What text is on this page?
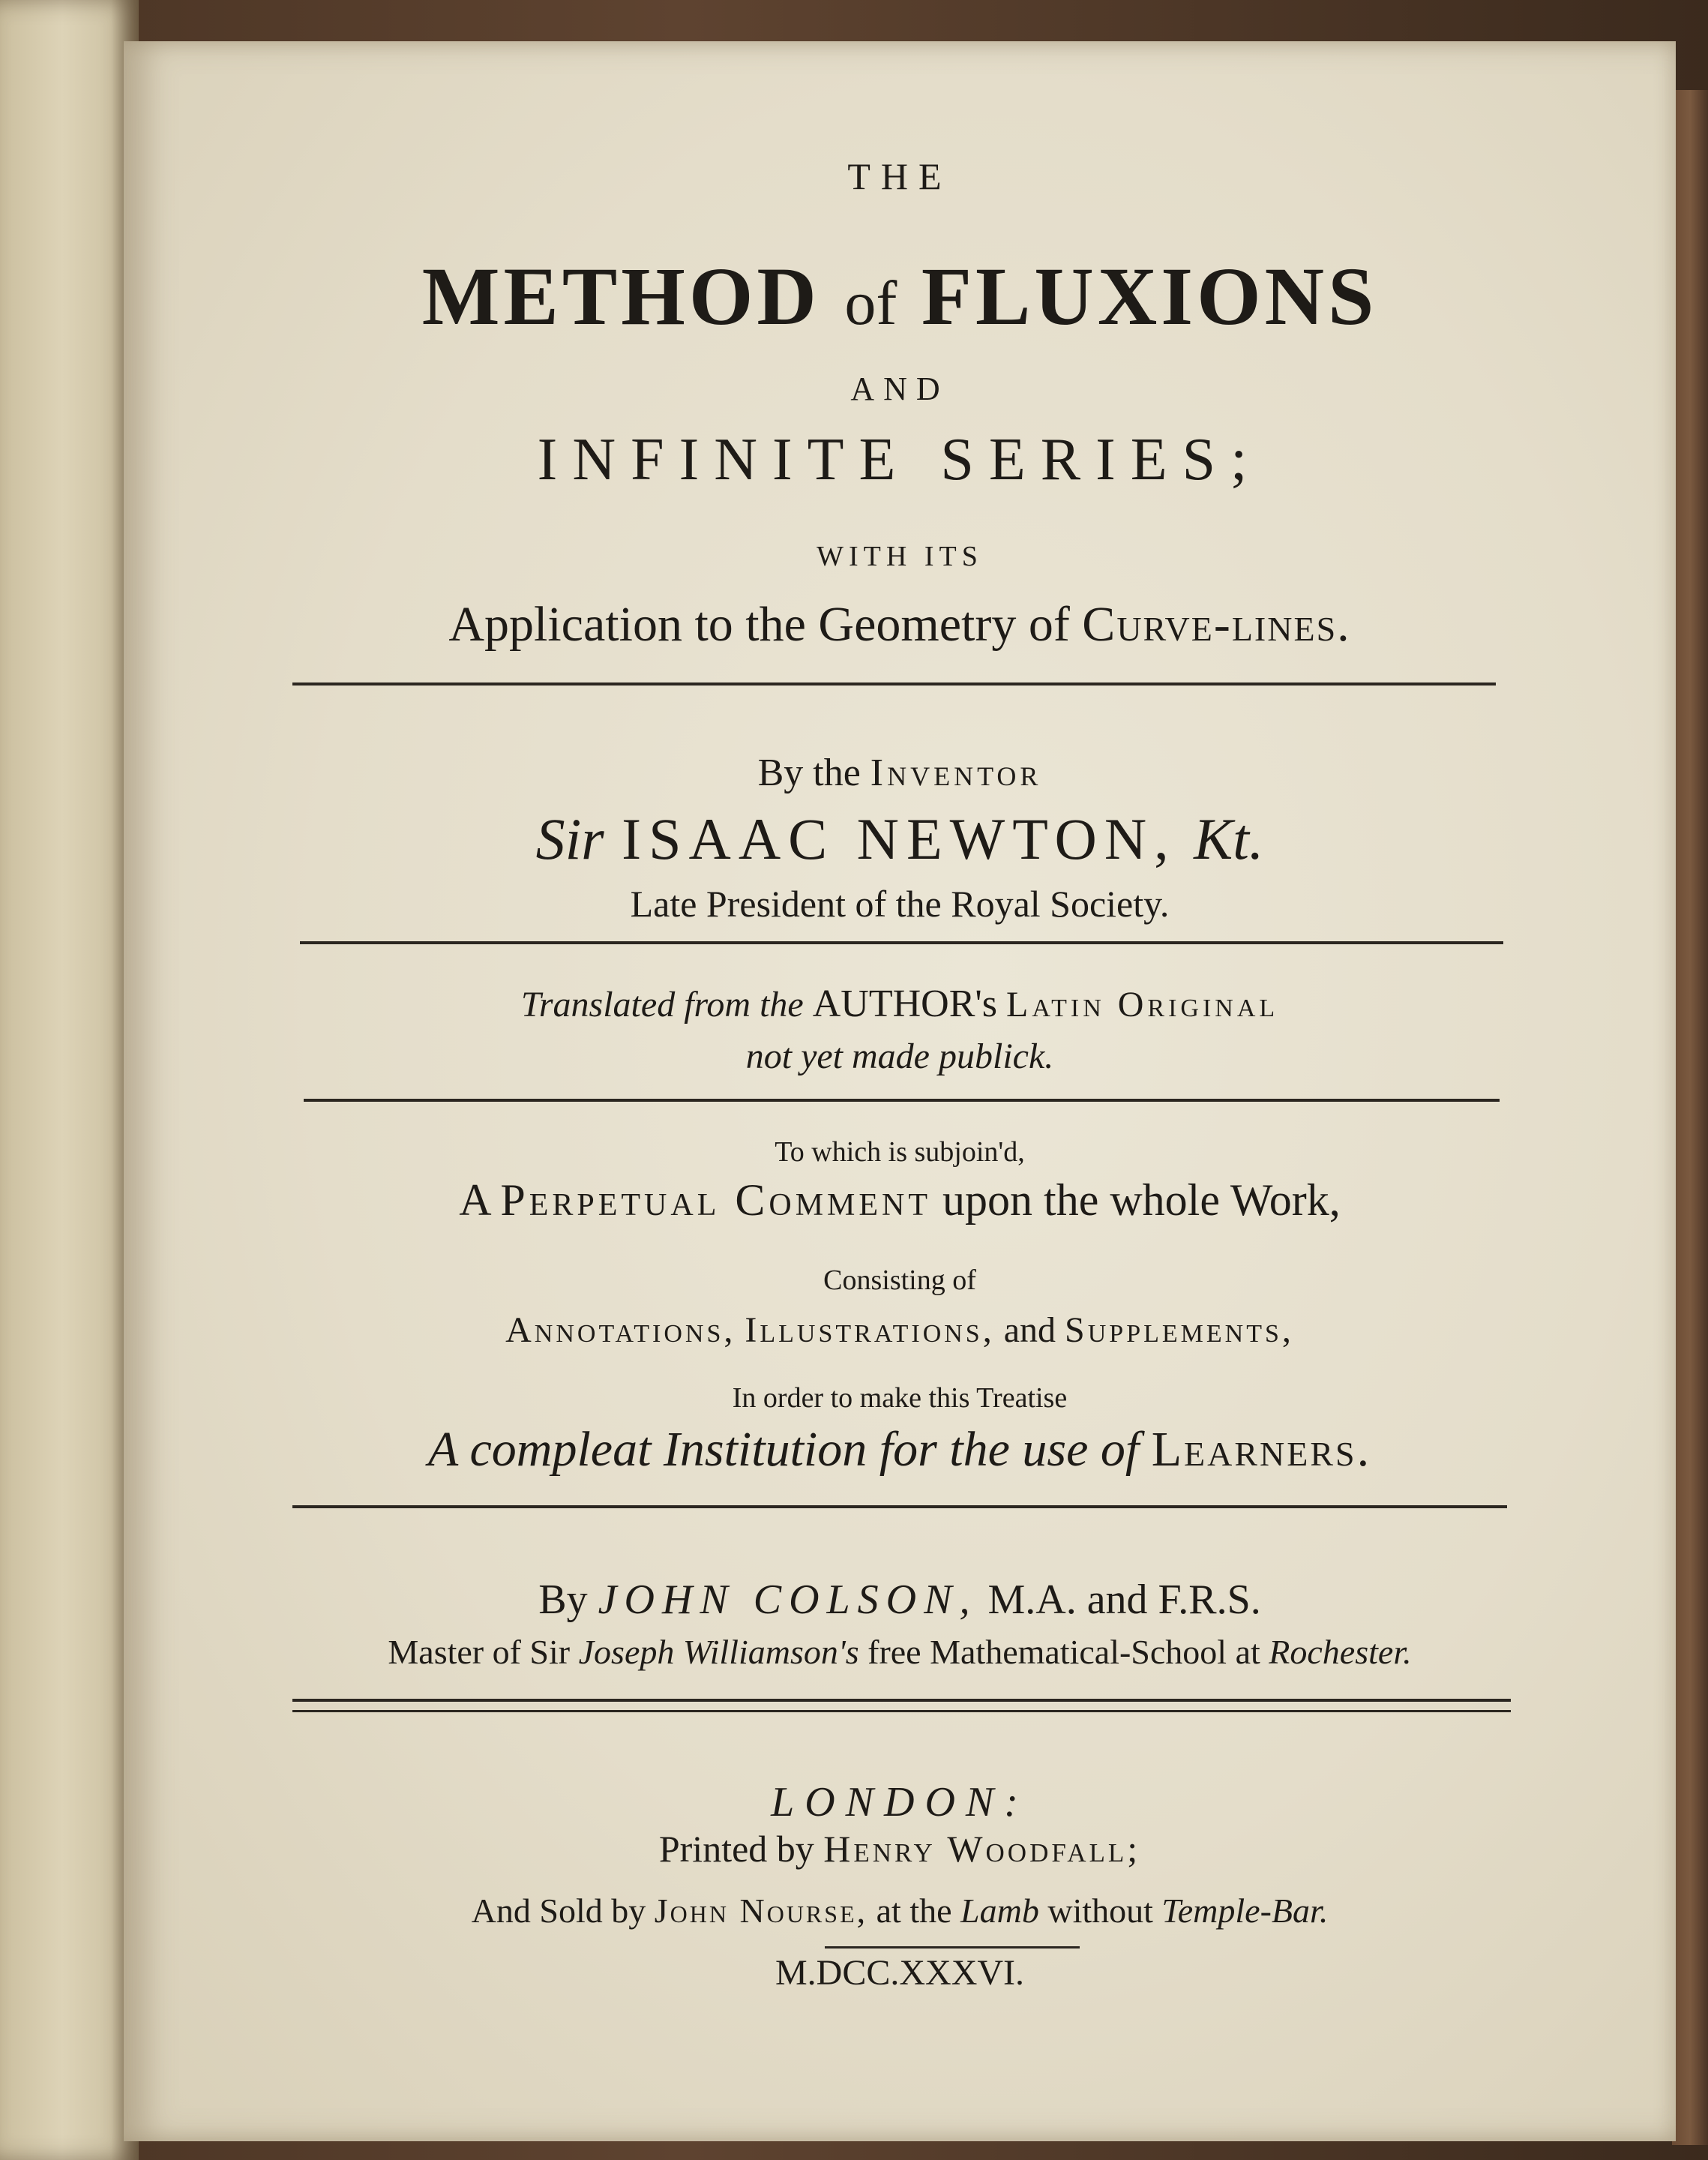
THE
METHOD of FLUXIONS
AND
INFINITE SERIES;
WITH ITS
Application to the Geometry of Curve-lines.
By the Inventor
Sir ISAAC NEWTON, Kt.
Late President of the Royal Society.
Translated from the AUTHOR's Latin Original
not yet made publick.
To which is subjoin'd,
A Perpetual Comment upon the whole Work,
Consisting of
Annotations, Illustrations, and Supplements,
In order to make this Treatise
A compleat Institution for the use of Learners.
By JOHN COLSON, M.A. and F.R.S.
Master of Sir Joseph Williamson's free Mathematical-School at Rochester.
LONDON:
Printed by Henry Woodfall;
And Sold by John Nourse, at the Lamb without Temple-Bar.
M.DCC.XXXVI.
